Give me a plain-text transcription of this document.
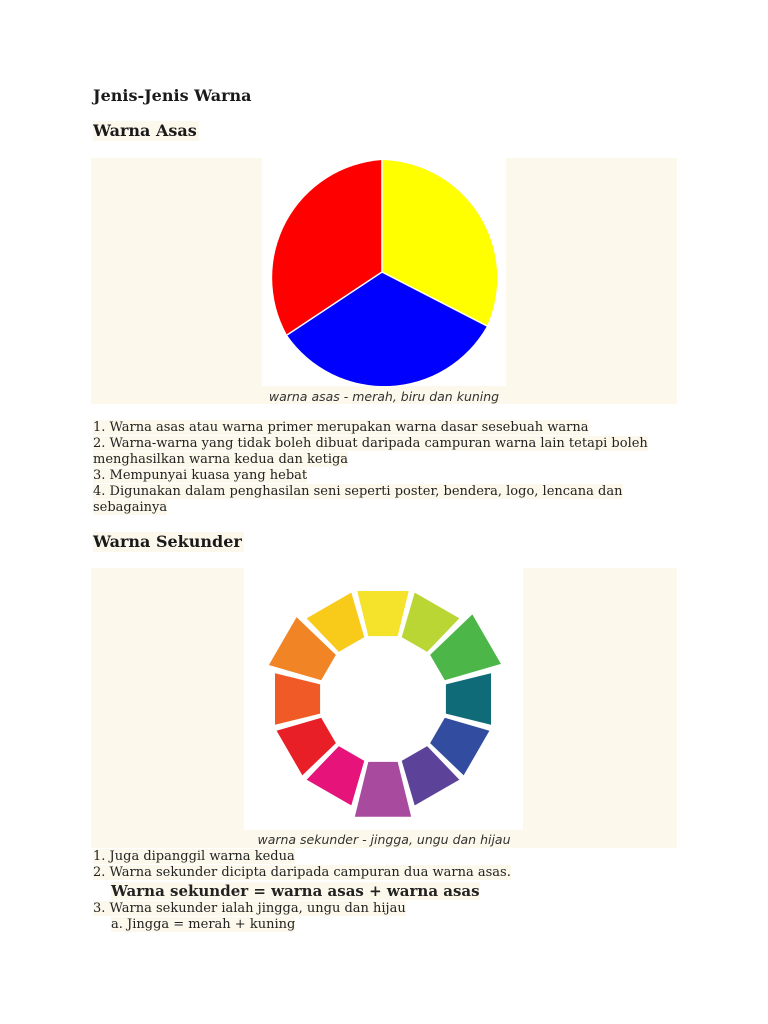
Jenis-Jenis Warna
Warna Asas
warna asas - merah, biru dan kuning
1. Warna asas atau warna primer merupakan warna dasar sesebuah warna
2. Warna-warna yang tidak boleh dibuat daripada campuran warna lain tetapi boleh
menghasilkan warna kedua dan ketiga
3. Mempunyai kuasa yang hebat
4. Digunakan dalam penghasilan seni seperti poster, bendera, logo, lencana dan
sebagainya
Warna Sekunder
warna sekunder - jingga, ungu dan hijau
1. Juga dipanggil warna kedua
2. Warna sekunder dicipta daripada campuran dua warna asas.
Warna sekunder = warna asas + warna asas
3. Warna sekunder ialah jingga, ungu dan hijau
a. Jingga = merah + kuning
